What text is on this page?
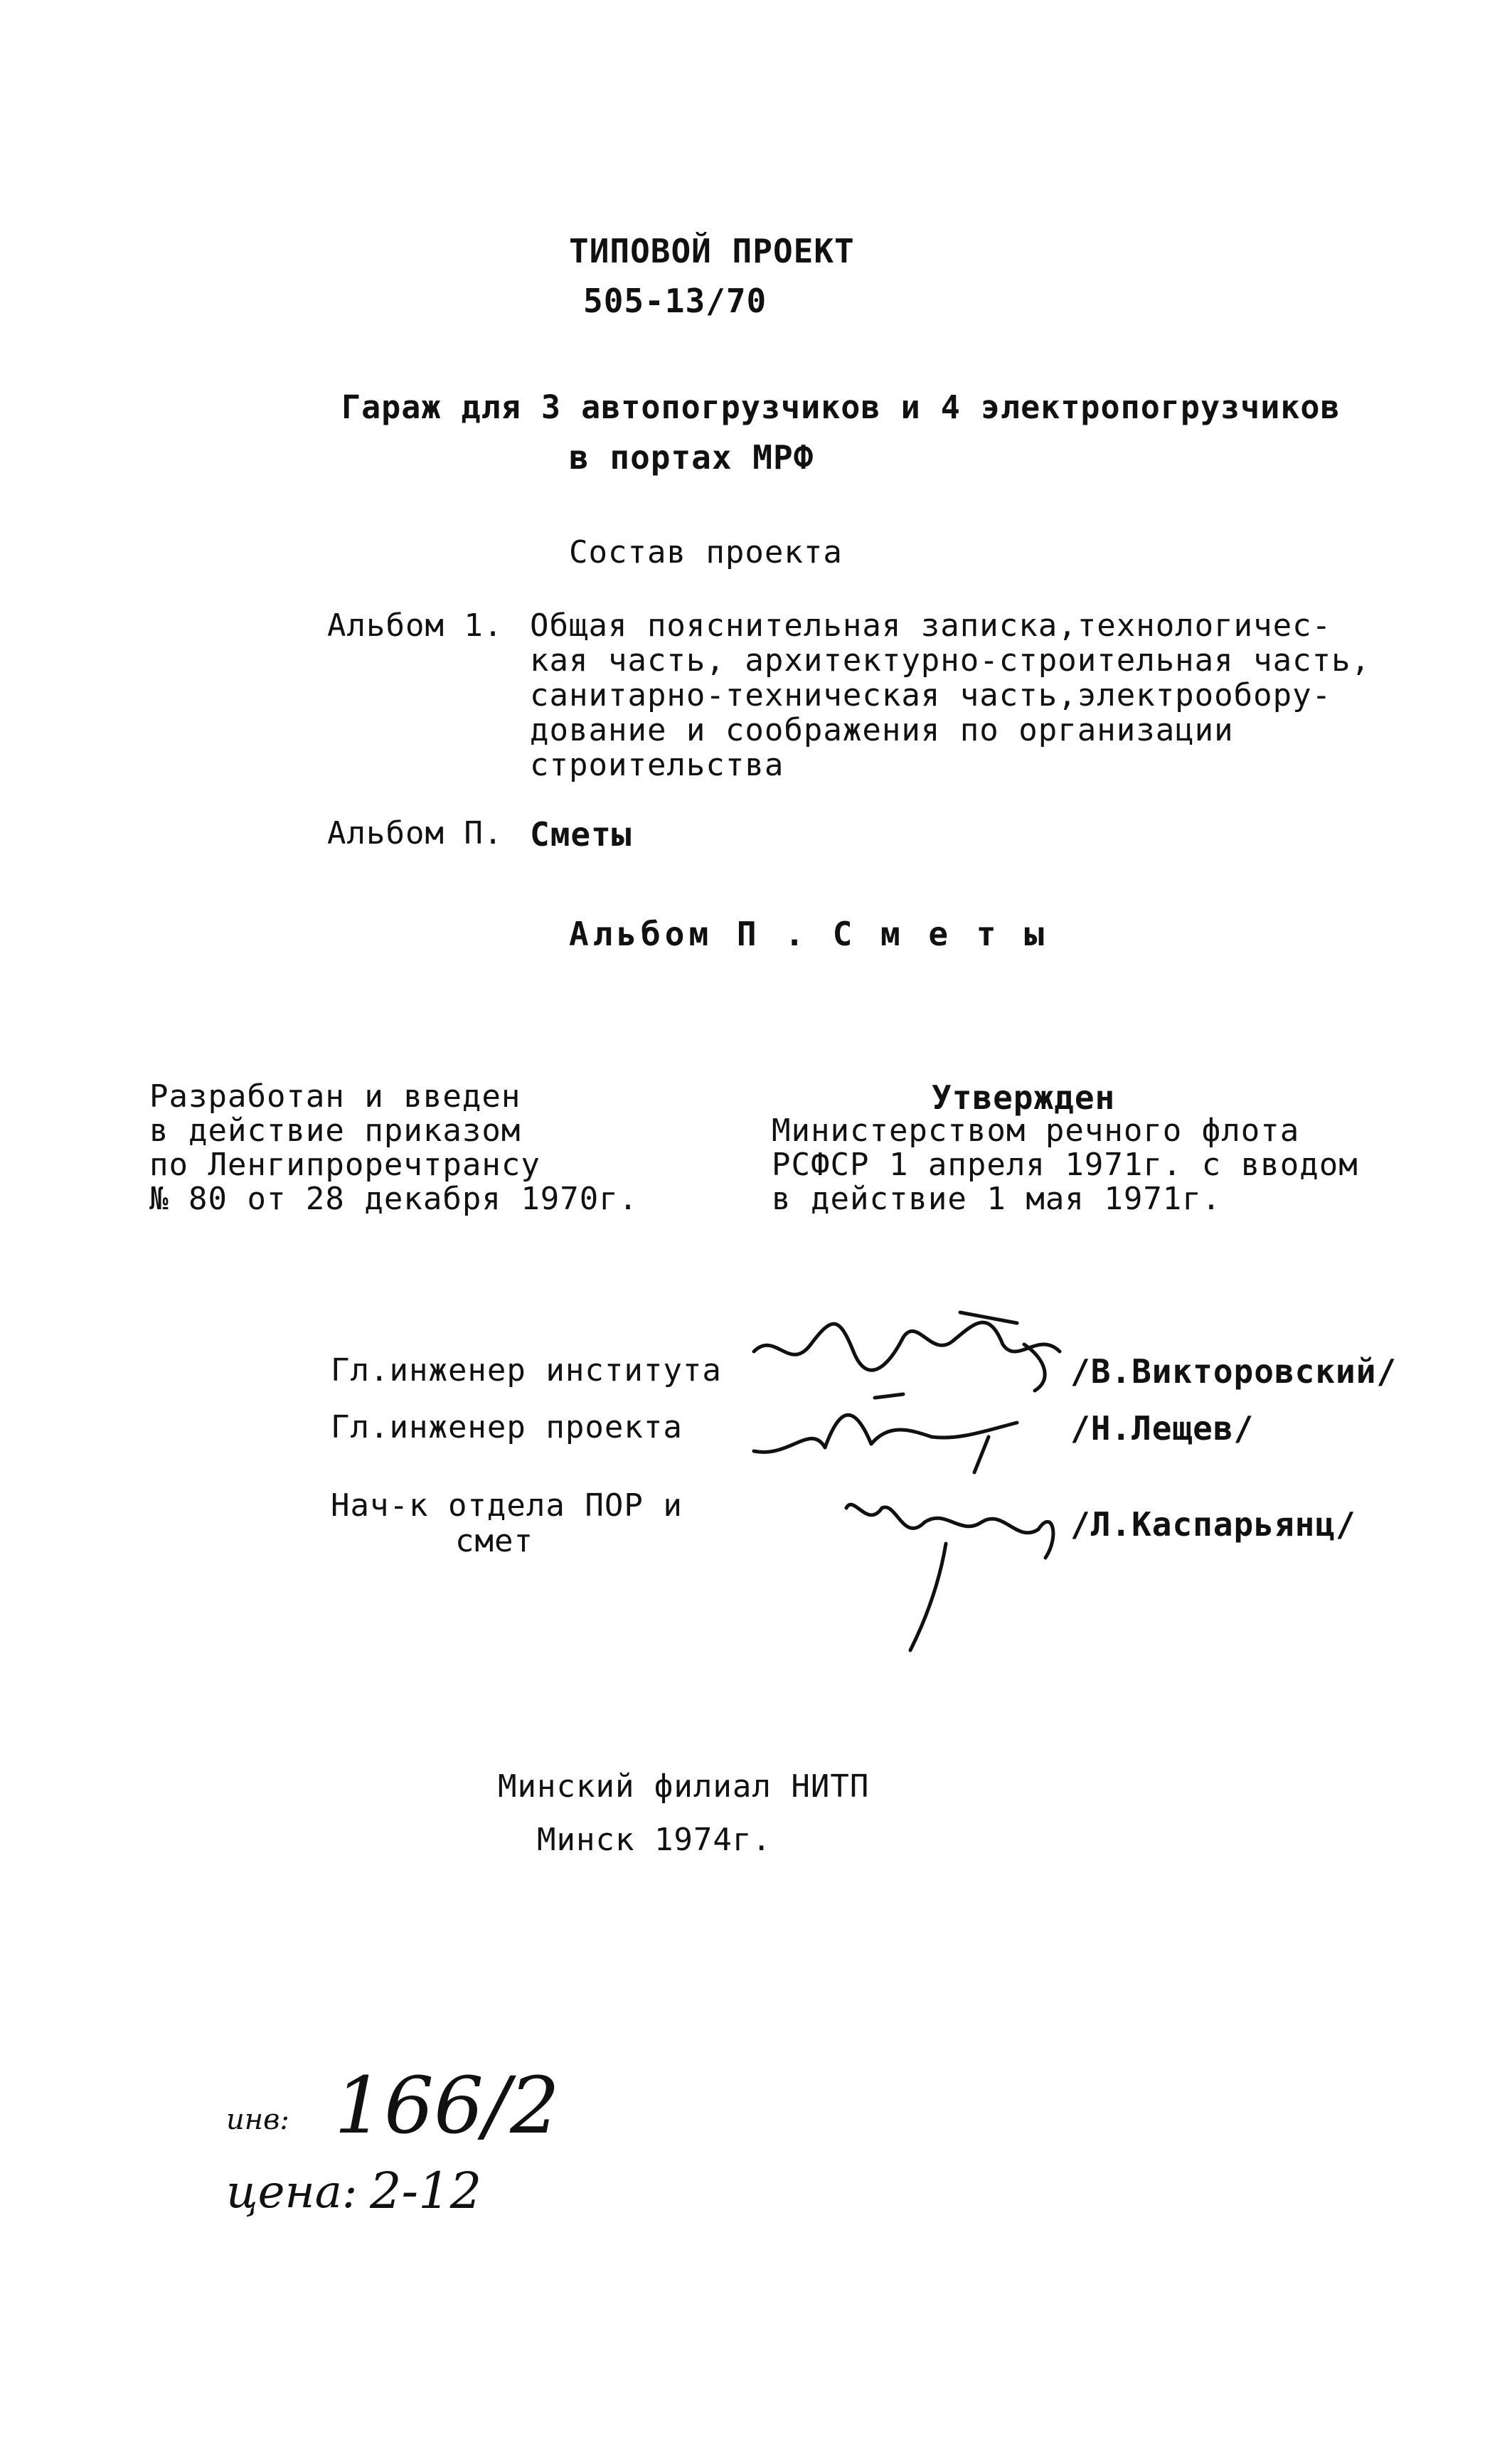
ТИПОВОЙ ПРОЕКТ
505-13/70
Гараж для 3 автопогрузчиков и 4 электропогрузчиков
в портах МРФ
Состав проекта
Альбом 1. Общая пояснительная записка,технологичес-
кая часть, архитектурно-строительная часть,
санитарно-техническая часть,электрообору-
дование и соображения по организации
строительства
Альбом П. Сметы
Альбом П . С м е т ы
Разработан и введен
в действие приказом
по Ленгипроречтрансу
№ 80 от 28 декабря 1970г.
Утвержден
Министерством речного флота
РСФСР 1 апреля 1971г. с вводом
в действие 1 мая 1971г.
Гл.инженер института	/В.Викторовский/
Гл.инженер проекта	/Н.Лещев/
Нач-к отдела ПОР и
смет	/Л.Каспарьянц/
Минский филиал НИТП
Минск 1974г.
инв: 166/2
цена: 2-12
